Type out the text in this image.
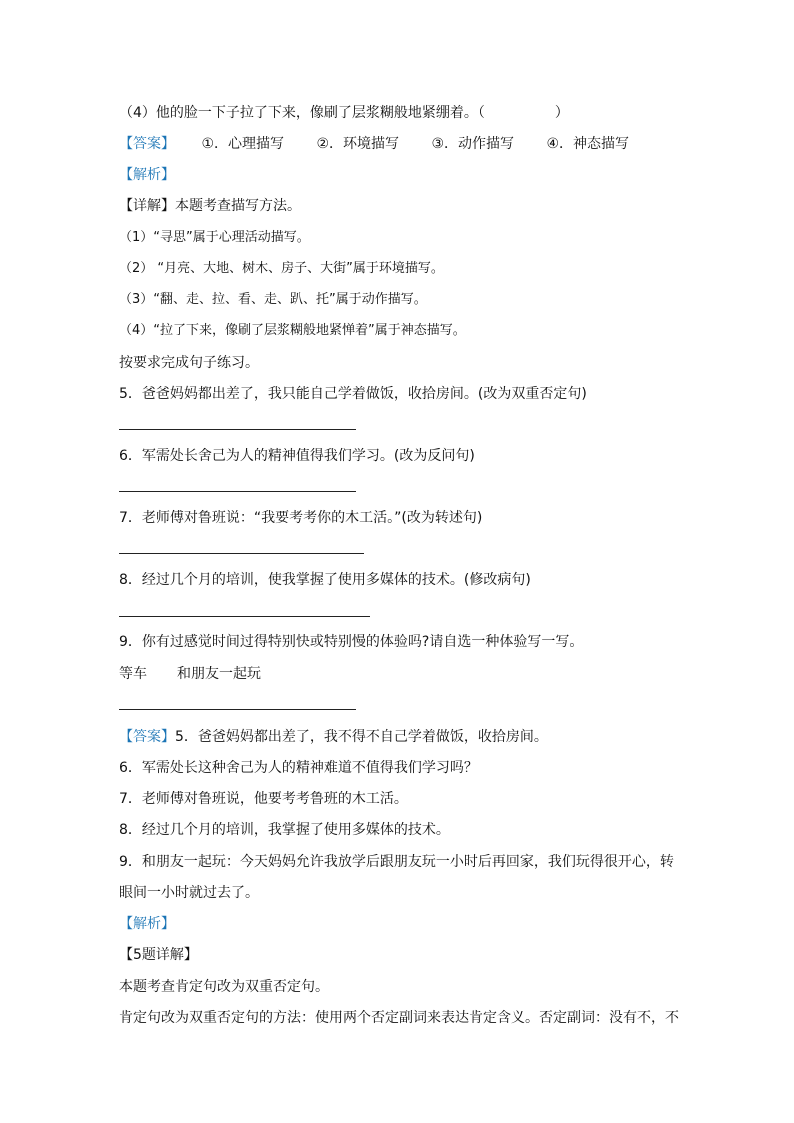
（4）他的脸一下子拉了下来，像刷了层浆糊般地紧绷着。（	）
【答案】 ①．心理描写 ②．环境描写 ③．动作描写 ④．神态描写
【解析】
【详解】本题考查描写方法。
（1）“寻思”属于心理活动描写。
（2） “月亮、大地、树木、房子、大街”属于环境描写。
（3）“翻、走、拉、看、走、趴、托”属于动作描写。
（4）“拉了下来，像刷了层浆糊般地紧惮着”属于神态描写。
按要求完成句子练习。
5．爸爸妈妈都出差了，我只能自己学着做饭，收拾房间。(改为双重否定句)
6．军需处长舍己为人的精神值得我们学习。(改为反问句)
7．老师傅对鲁班说：“我要考考你的木工活。”(改为转述句)
8．经过几个月的培训，使我掌握了使用多媒体的技术。(修改病句)
9．你有过感觉时间过得特别快或特别慢的体验吗?请自选一种体验写一写。
等车 和朋友一起玩
【答案】5．爸爸妈妈都出差了，我不得不自己学着做饭，收拾房间。
6．军需处长这种舍己为人的精神难道不值得我们学习吗？
7．老师傅对鲁班说，他要考考鲁班的木工活。
8．经过几个月的培训，我掌握了使用多媒体的技术。
9．和朋友一起玩：今天妈妈允许我放学后跟朋友玩一小时后再回家，我们玩得很开心，转
眼间一小时就过去了。
【解析】
【5题详解】
本题考查肯定句改为双重否定句。
肯定句改为双重否定句的方法：使用两个否定副词来表达肯定含义。否定副词：没有不，不
